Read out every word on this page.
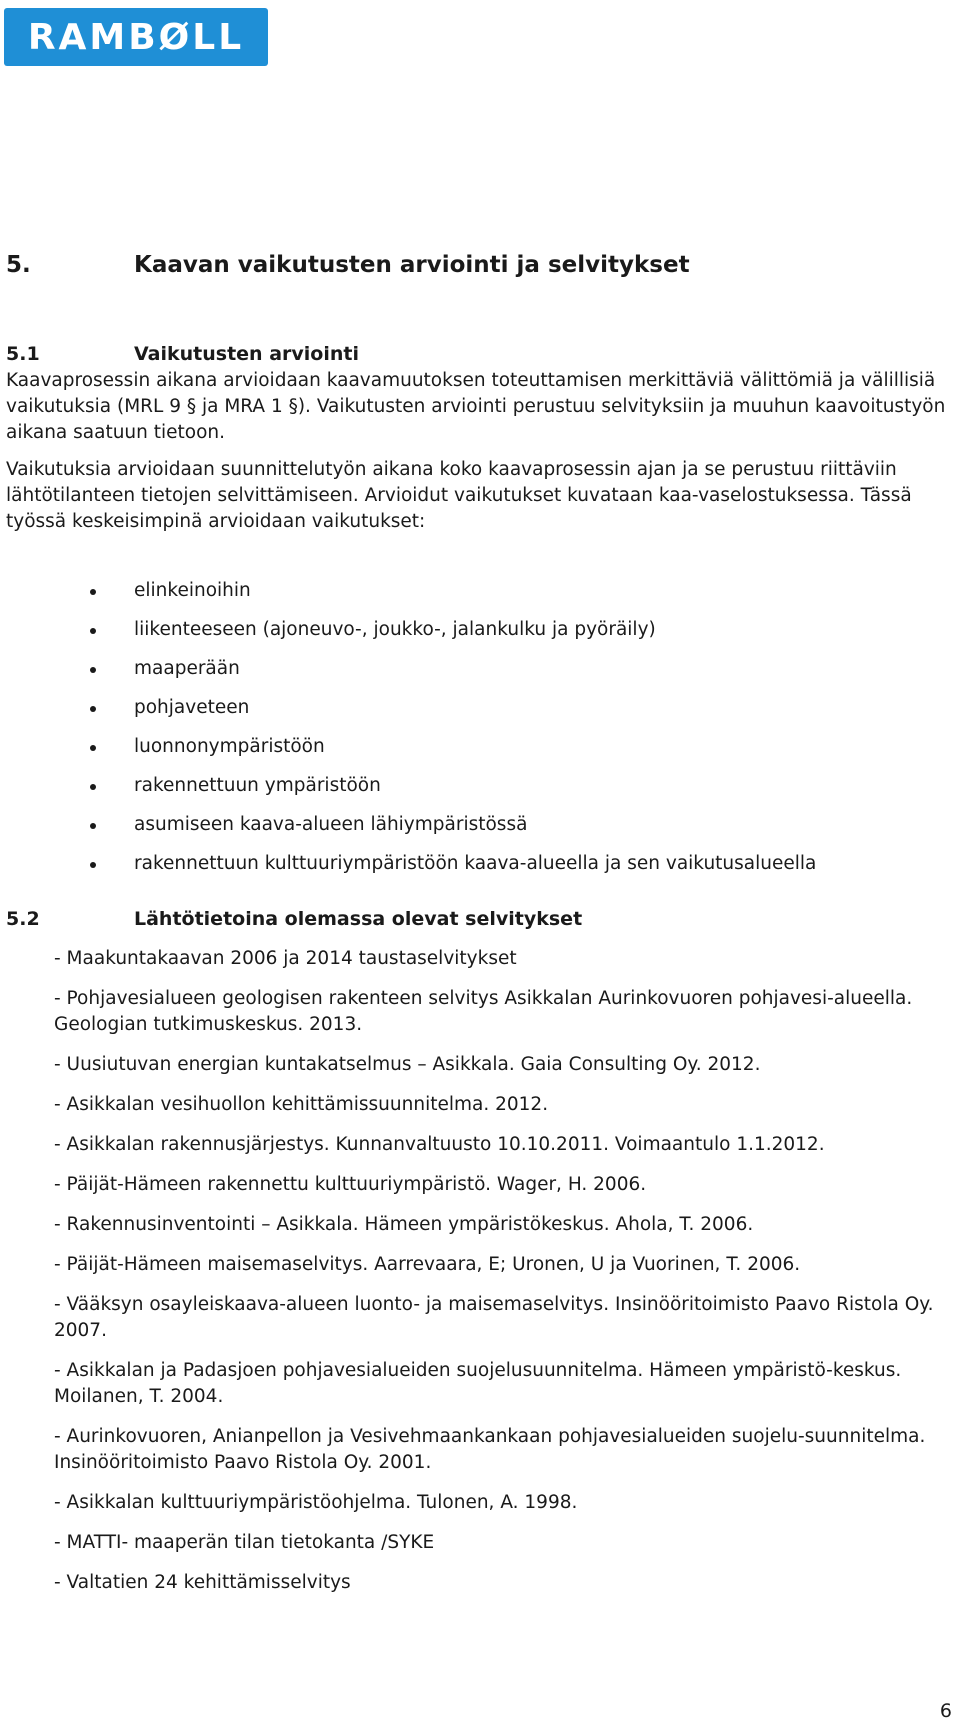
RAMBØLL
5.	Kaavan vaikutusten arviointi ja selvitykset
5.1	Vaikutusten arviointi

Kaavaprosessin aikana arvioidaan kaavamuutoksen toteuttamisen merkittäviä välittömiä ja välillisiä vaikutuksia (MRL 9 § ja MRA 1 §). Vaikutusten arviointi perustuu selvityksiin ja muuhun kaavoitustyön aikana saatuun tietoon.

Vaikutuksia arvioidaan suunnittelutyön aikana koko kaavaprosessin ajan ja se perustuu riittäviin lähtötilanteen tietojen selvittämiseen. Arvioidut vaikutukset kuvataan kaa-vaselostuksessa. Tässä työssä keskeisimpinä arvioidaan vaikutukset:

elinkeinoihin
liikenteeseen (ajoneuvo-, joukko-, jalankulku ja pyöräily)
maaperään
pohjaveteen
luonnonympäristöön
rakennettuun ympäristöön
asumiseen kaava-alueen lähiympäristössä
rakennettuun kulttuuriympäristöön kaava-alueella ja sen vaikutusalueella
5.2	Lähtötietoina olemassa olevat selvitykset

- Maakuntakaavan 2006 ja 2014 taustaselvitykset

- Pohjavesialueen geologisen rakenteen selvitys Asikkalan Aurinkovuoren pohjavesi-alueella. Geologian tutkimuskeskus. 2013.

- Uusiutuvan energian kuntakatselmus – Asikkala. Gaia Consulting Oy. 2012.

- Asikkalan vesihuollon kehittämissuunnitelma. 2012.

- Asikkalan rakennusjärjestys. Kunnanvaltuusto 10.10.2011. Voimaantulo 1.1.2012.

- Päijät-Hämeen rakennettu kulttuuriympäristö. Wager, H. 2006.

- Rakennusinventointi – Asikkala. Hämeen ympäristökeskus. Ahola, T. 2006.

- Päijät-Hämeen maisemaselvitys. Aarrevaara, E; Uronen, U ja Vuorinen, T. 2006.

- Vääksyn osayleiskaava-alueen luonto- ja maisemaselvitys. Insinööritoimisto Paavo Ristola Oy. 2007.

- Asikkalan ja Padasjoen pohjavesialueiden suojelusuunnitelma. Hämeen ympäristö-keskus. Moilanen, T. 2004.

- Aurinkovuoren, Anianpellon ja Vesivehmaankankaan pohjavesialueiden suojelu-suunnitelma. Insinööritoimisto Paavo Ristola Oy. 2001.

- Asikkalan kulttuuriympäristöohjelma. Tulonen, A. 1998.

- MATTI- maaperän tilan tietokanta /SYKE

- Valtatien 24 kehittämisselvitys

6
